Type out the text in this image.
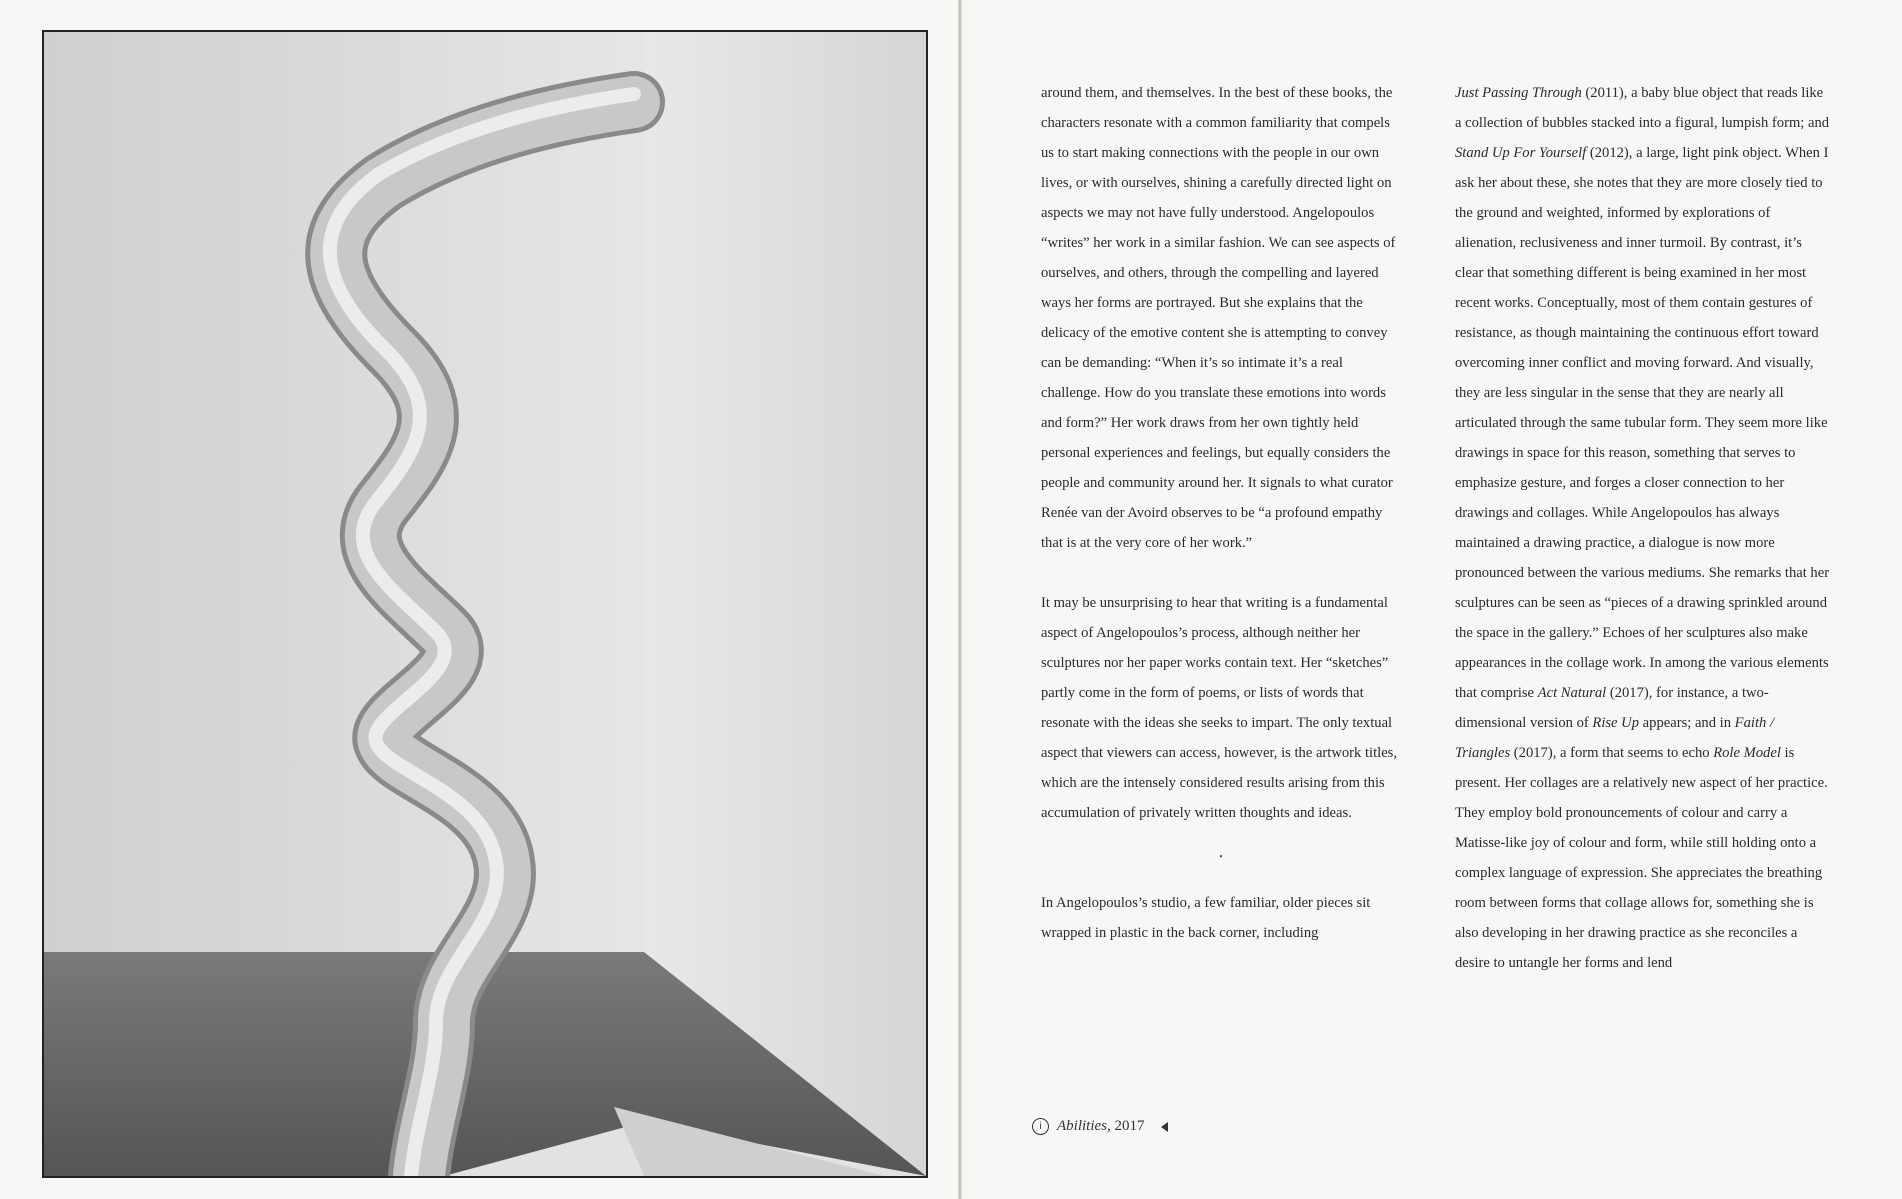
around them, and themselves. In the best of these books, the characters resonate with a common familiarity that compels us to start making connections with the people in our own lives, or with ourselves, shining a carefully directed light on aspects we may not have fully understood. Angelopoulos “writes” her work in a similar fashion. We can see aspects of ourselves, and others, through the compelling and layered ways her forms are portrayed. But she explains that the delicacy of the emotive content she is attempting to convey can be demanding: “When it’s so intimate it’s a real challenge. How do you translate these emotions into words and form?” Her work draws from her own tightly held personal experiences and feelings, but equally considers the people and community around her. It signals to what curator Renée van der Avoird observes to be “a profound empathy that is at the very core of her work.”

It may be unsurprising to hear that writing is a fundamental aspect of Angelopoulos’s process, although neither her sculptures nor her paper works contain text. Her “sketches” partly come in the form of poems, or lists of words that resonate with the ideas she seeks to impart. The only textual aspect that viewers can access, however, is the artwork titles, which are the intensely considered results arising from this accumulation of privately written thoughts and ideas.

•

In Angelopoulos’s studio, a few familiar, older pieces sit wrapped in plastic in the back corner, including

Just Passing Through (2011), a baby blue object that reads like a collection of bubbles stacked into a figural, lumpish form; and Stand Up For Yourself (2012), a large, light pink object. When I ask her about these, she notes that they are more closely tied to the ground and weighted, informed by explorations of alienation, reclusiveness and inner turmoil. By contrast, it’s clear that something different is being examined in her most recent works. Conceptually, most of them contain gestures of resistance, as though maintaining the continuous effort toward overcoming inner conflict and moving forward. And visually, they are less singular in the sense that they are nearly all articulated through the same tubular form. They seem more like drawings in space for this reason, something that serves to emphasize gesture, and forges a closer connection to her drawings and collages. While Angelopoulos has always maintained a drawing practice, a dialogue is now more pronounced between the various mediums. She remarks that her sculptures can be seen as “pieces of a drawing sprinkled around the space in the gallery.” Echoes of her sculptures also make appearances in the collage work. In among the various elements that comprise Act Natural (2017), for instance, a two-dimensional version of Rise Up appears; and in Faith / Triangles (2017), a form that seems to echo Role Model is present. Her collages are a relatively new aspect of her practice. They employ bold pronouncements of colour and carry a Matisse-like joy of colour and form, while still holding onto a complex language of expression. She appreciates the breathing room between forms that collage allows for, something she is also developing in her drawing practice as she reconciles a desire to untangle her forms and lend

i	Abilities, 2017
